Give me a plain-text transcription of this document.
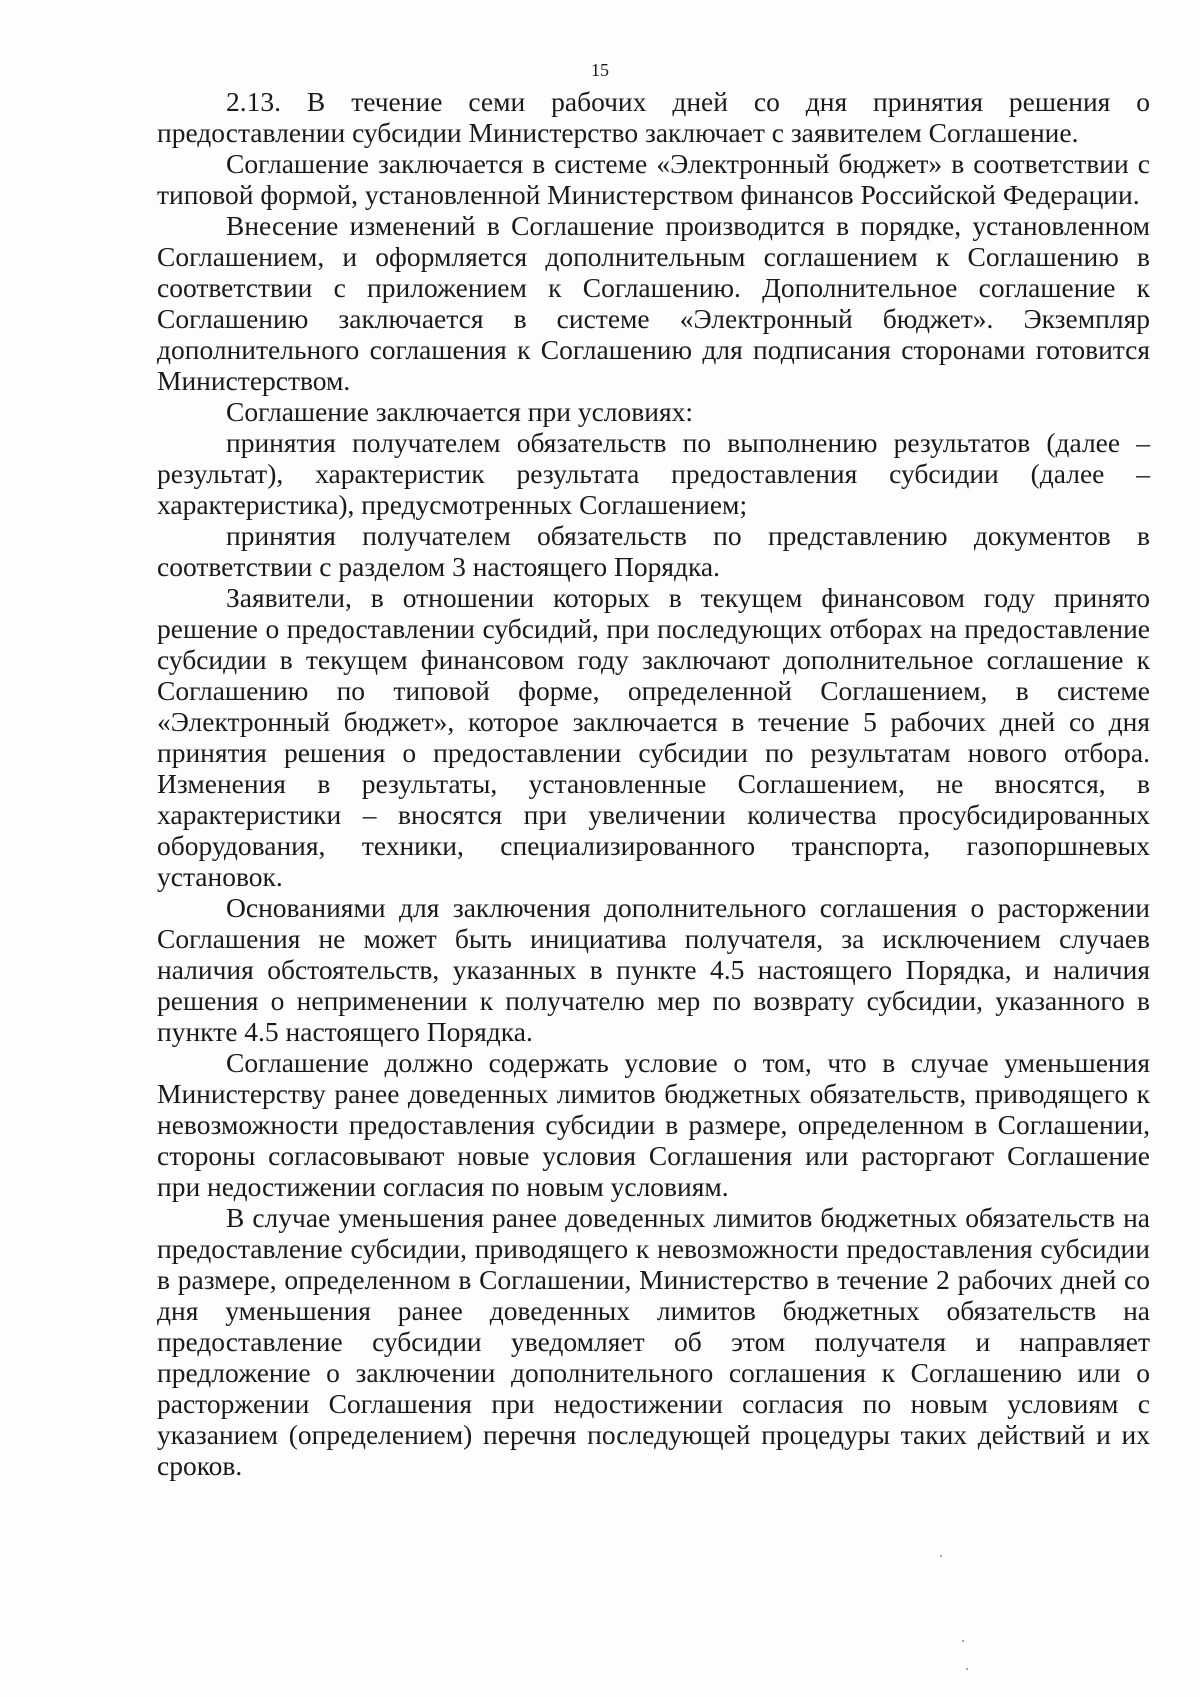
15

2.13. В течение семи рабочих дней со дня принятия решения о предоставлении субсидии Министерство заключает с заявителем Соглашение.

Соглашение заключается в системе «Электронный бюджет» в соответствии с типовой формой, установленной Министерством финансов Российской Федерации.

Внесение изменений в Соглашение производится в порядке, установленном Соглашением, и оформляется дополнительным соглашением к Соглашению в соответствии с приложением к Соглашению. Дополнительное соглашение к Соглашению заключается в системе «Электронный бюджет». Экземпляр дополнительного соглашения к Соглашению для подписания сторонами готовится Министерством.

Соглашение заключается при условиях:

принятия получателем обязательств по выполнению результатов (далее – результат), характеристик результата предоставления субсидии (далее – характеристика), предусмотренных Соглашением;

принятия получателем обязательств по представлению документов в соответствии с разделом 3 настоящего Порядка.

Заявители, в отношении которых в текущем финансовом году принято решение о предоставлении субсидий, при последующих отборах на предоставление субсидии в текущем финансовом году заключают дополнительное соглашение к Соглашению по типовой форме, определенной Соглашением, в системе «Электронный бюджет», которое заключается в течение 5 рабочих дней со дня принятия решения о предоставлении субсидии по результатам нового отбора. Изменения в результаты, установленные Соглашением, не вносятся, в характеристики – вносятся при увеличении количества просубсидированных оборудования, техники, специализированного транспорта, газопоршневых установок.

Основаниями для заключения дополнительного соглашения о расторжении Соглашения не может быть инициатива получателя, за исключением случаев наличия обстоятельств, указанных в пункте 4.5 настоящего Порядка, и наличия решения о неприменении к получателю мер по возврату субсидии, указанного в пункте 4.5 настоящего Порядка.

Соглашение должно содержать условие о том, что в случае уменьшения Министерству ранее доведенных лимитов бюджетных обязательств, приводящего к невозможности предоставления субсидии в размере, определенном в Соглашении, стороны согласовывают новые условия Соглашения или расторгают Соглашение при недостижении согласия по новым условиям.

В случае уменьшения ранее доведенных лимитов бюджетных обязательств на предоставление субсидии, приводящего к невозможности предоставления субсидии в размере, определенном в Соглашении, Министерство в течение 2 рабочих дней со дня уменьшения ранее доведенных лимитов бюджетных обязательств на предоставление субсидии уведомляет об этом получателя и направляет предложение о заключении дополнительного соглашения к Соглашению или о расторжении Соглашения при недостижении согласия по новым условиям с указанием (определением) перечня последующей процедуры таких действий и их сроков.
